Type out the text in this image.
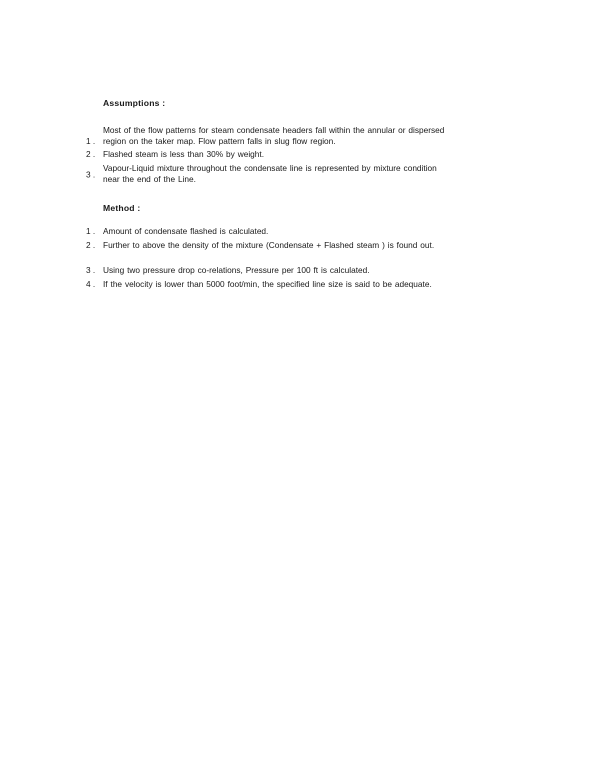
Assumptions :
1 .
Most of the flow patterns for steam condensate headers fall within the annular or dispersed region on the taker map. Flow pattern falls in slug flow region.
2 . Flashed steam is less than 30% by weight.
3 .
Vapour-Liquid mixture throughout the condensate line is represented by mixture condition near the end of the Line.
Method :
1 . Amount of condensate flashed is calculated.
2 . Further to above the density of the mixture (Condensate + Flashed steam ) is found out.
3 . Using two pressure drop co-relations, Pressure per 100 ft is calculated.
4 . If the velocity is lower than 5000 foot/min, the specified line size is said to be adequate.
